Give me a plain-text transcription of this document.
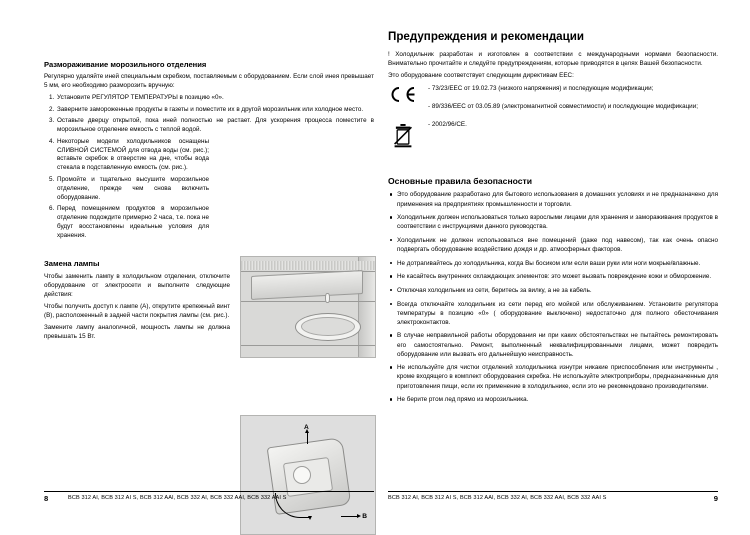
Размораживание морозильного отделения

Регулярно удаляйте иней специальным скребком, поставляемым с оборудованием. Если слой инея превышает 5 мм, его необходимо разморозить вручную:

1. Установите РЕГУЛЯТОР ТЕМПЕРАТУРЫ в позицию «0».
2. Заверните замороженные продукты в газеты и поместите их в другой морозильник или холодное место.
3. Оставьте дверцу открытой, пока иней полностью не растает. Для ускорения процесса поместите в морозильное отделение емкость с теплой водой.
4. Некоторые модели холодильников оснащены СЛИВНОЙ СИСТЕМОЙ для отвода воды (см. рис.); вставьте скребок в отверстие на дне, чтобы вода стекала в подставленную емкость (см. рис.).
5. Промойте и тщательно высушите морозильное отделение, прежде чем снова включить оборудование.
6. Перед помещением продуктов в морозильное отделение подождите примерно 2 часа, т.е. пока не будут восстановлены идеальные условия для хранения.
Замена лампы

Чтобы заменить лампу в холодильном отделении, отключите оборудование от электросети и выполните следующие действия:

Чтобы получить доступ к лампе (А), открутите крепежный винт (В), расположенный в задней части покрытия лампы (см. рис.).

Замените лампу аналогичной, мощность лампы не должна превышать 15 Вт.

A
B
8	BCB 312 AI, BCB 312 AI S, BCB 312 AAI, BCB 332 AI, BCB 332 AAI, BCB 332 AAI S
Предупреждения и рекомендации

! Холодильник разработан и изготовлен в соответствии с международными нормами безопасности. Внимательно прочитайте и следуйте предупреждениям, которые приводятся в целях Вашей безопасности.

Это оборудование соответствует следующим директивам ЕЕС:

- 73/23/ЕЕС от 19.02.73 (низкого напряжения) и последующие модификации;

- 89/336/ЕЕС от 03.05.89 (электромагнитной совместимости) и последующие модификации;

- 2002/96/СЕ.

Основные правила безопасности
Это оборудование разработано для бытового использования в домашних условиях и не предназначено для применения на предприятиях промышленности и торговли.
Холодильник должен использоваться только взрослыми лицами для хранения и замораживания продуктов в соответствии с инструкциями данного руководства.
Холодильник не должен использоваться вне помещений (даже под навесом), так как очень опасно подвергать оборудование воздействию дождя и др. атмосферных факторов.
Не дотрагивайтесь до холодильника, когда Вы босиком или если ваши руки или ноги мокрые/влажные.
Не касайтесь внутренних охлаждающих элементов: это может вызвать повреждение кожи и обморожение.
Отключая холодильник из сети, беритесь за вилку, а не за кабель.
Всегда отключайте холодильник из сети перед его мойкой или обслуживанием. Установите регулятора температуры в позицию «0» ( оборудование выключено) недостаточно для полного обесточивания электроконтактов.
В случае неправильной работы оборудования ни при каких обстоятельствах не пытайтесь ремонтировать его самостоятельно. Ремонт, выполненный неквалифицированными лицами, может повредить оборудование или вызвать его дальнейшую неисправность.
Не используйте для чистки отделений холодильника изнутри никакие приспособления или инструменты , кроме входящего в комплект оборудования скребка. Не используйте электроприборы, предназначенные для приготовления пищи, если их применение в холодильнике, если это не рекомендовано производителями.
Не берите ртом лед прямо из морозильника.
BCB 312 AI, BCB 312 AI S, BCB 312 AAI, BCB 332 AI, BCB 332 AAI, BCB 332 AAI S	9
